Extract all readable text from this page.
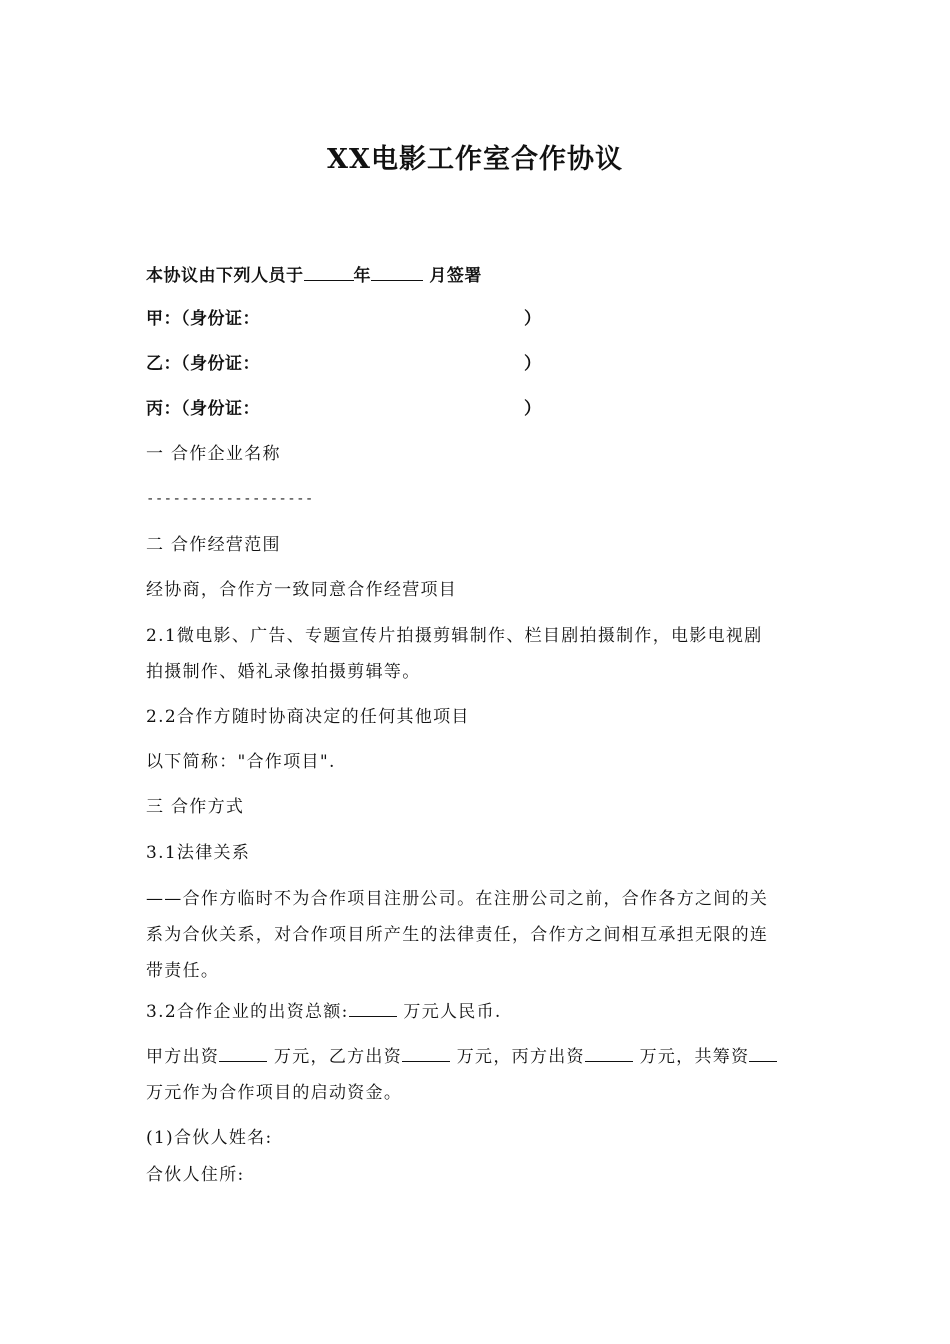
XX电影工作室合作协议
本协议由下列人员于	年	月签署
甲：（身份证：	）
乙：（身份证：	）
丙：（身份证：	）
一 合作企业名称
-------------------
二 合作经营范围
经协商，合作方一致同意合作经营项目
2.1微电影、广告、专题宣传片拍摄剪辑制作、栏目剧拍摄制作，电影电视剧
拍摄制作、婚礼录像拍摄剪辑等。
2.2合作方随时协商决定的任何其他项目
以下简称："合作项目".
三 合作方式
3.1法律关系
——合作方临时不为合作项目注册公司。在注册公司之前，合作各方之间的关
系为合伙关系，对合作项目所产生的法律责任，合作方之间相互承担无限的连
带责任。
3.2合作企业的出资总额:	万元人民币.
甲方出资	万元，乙方出资	万元，丙方出资	万元，共筹资
万元作为合作项目的启动资金。
(1)合伙人姓名:
合伙人住所:
